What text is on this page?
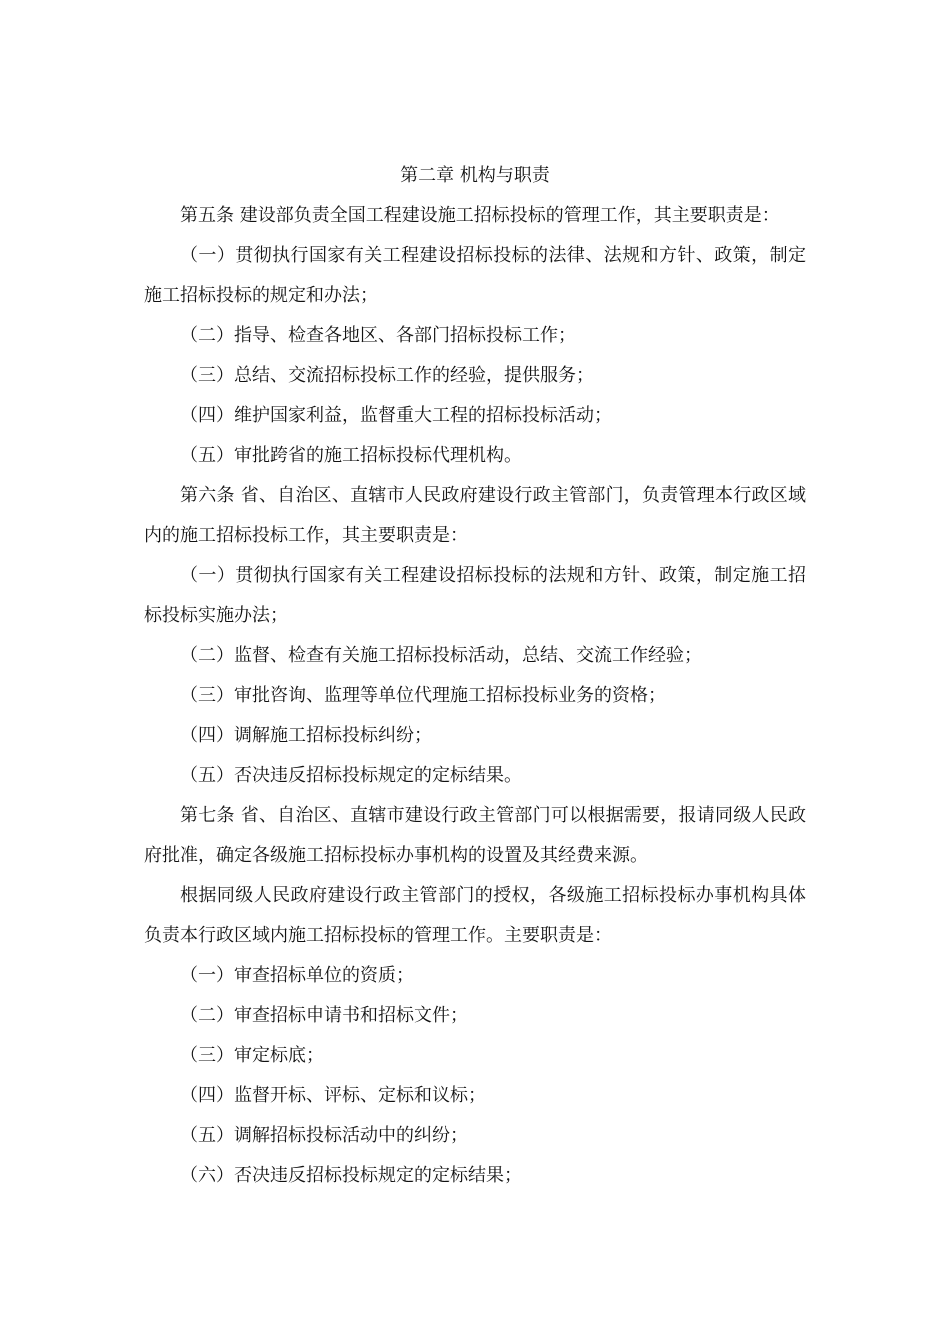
第二章 机构与职责

第五条 建设部负责全国工程建设施工招标投标的管理工作，其主要职责是：

（一）贯彻执行国家有关工程建设招标投标的法律、法规和方针、政策，制定施工招标投标的规定和办法；

（二）指导、检查各地区、各部门招标投标工作；

（三）总结、交流招标投标工作的经验，提供服务；

（四）维护国家利益，监督重大工程的招标投标活动；

（五）审批跨省的施工招标投标代理机构。

第六条 省、自治区、直辖市人民政府建设行政主管部门，负责管理本行政区域内的施工招标投标工作，其主要职责是：

（一）贯彻执行国家有关工程建设招标投标的法规和方针、政策，制定施工招标投标实施办法；

（二）监督、检查有关施工招标投标活动，总结、交流工作经验；

（三）审批咨询、监理等单位代理施工招标投标业务的资格；

（四）调解施工招标投标纠纷；

（五）否决违反招标投标规定的定标结果。

第七条 省、自治区、直辖市建设行政主管部门可以根据需要，报请同级人民政府批准，确定各级施工招标投标办事机构的设置及其经费来源。

根据同级人民政府建设行政主管部门的授权，各级施工招标投标办事机构具体负责本行政区域内施工招标投标的管理工作。主要职责是：

（一）审查招标单位的资质；

（二）审查招标申请书和招标文件；

（三）审定标底；

（四）监督开标、评标、定标和议标；

（五）调解招标投标活动中的纠纷；

（六）否决违反招标投标规定的定标结果；
